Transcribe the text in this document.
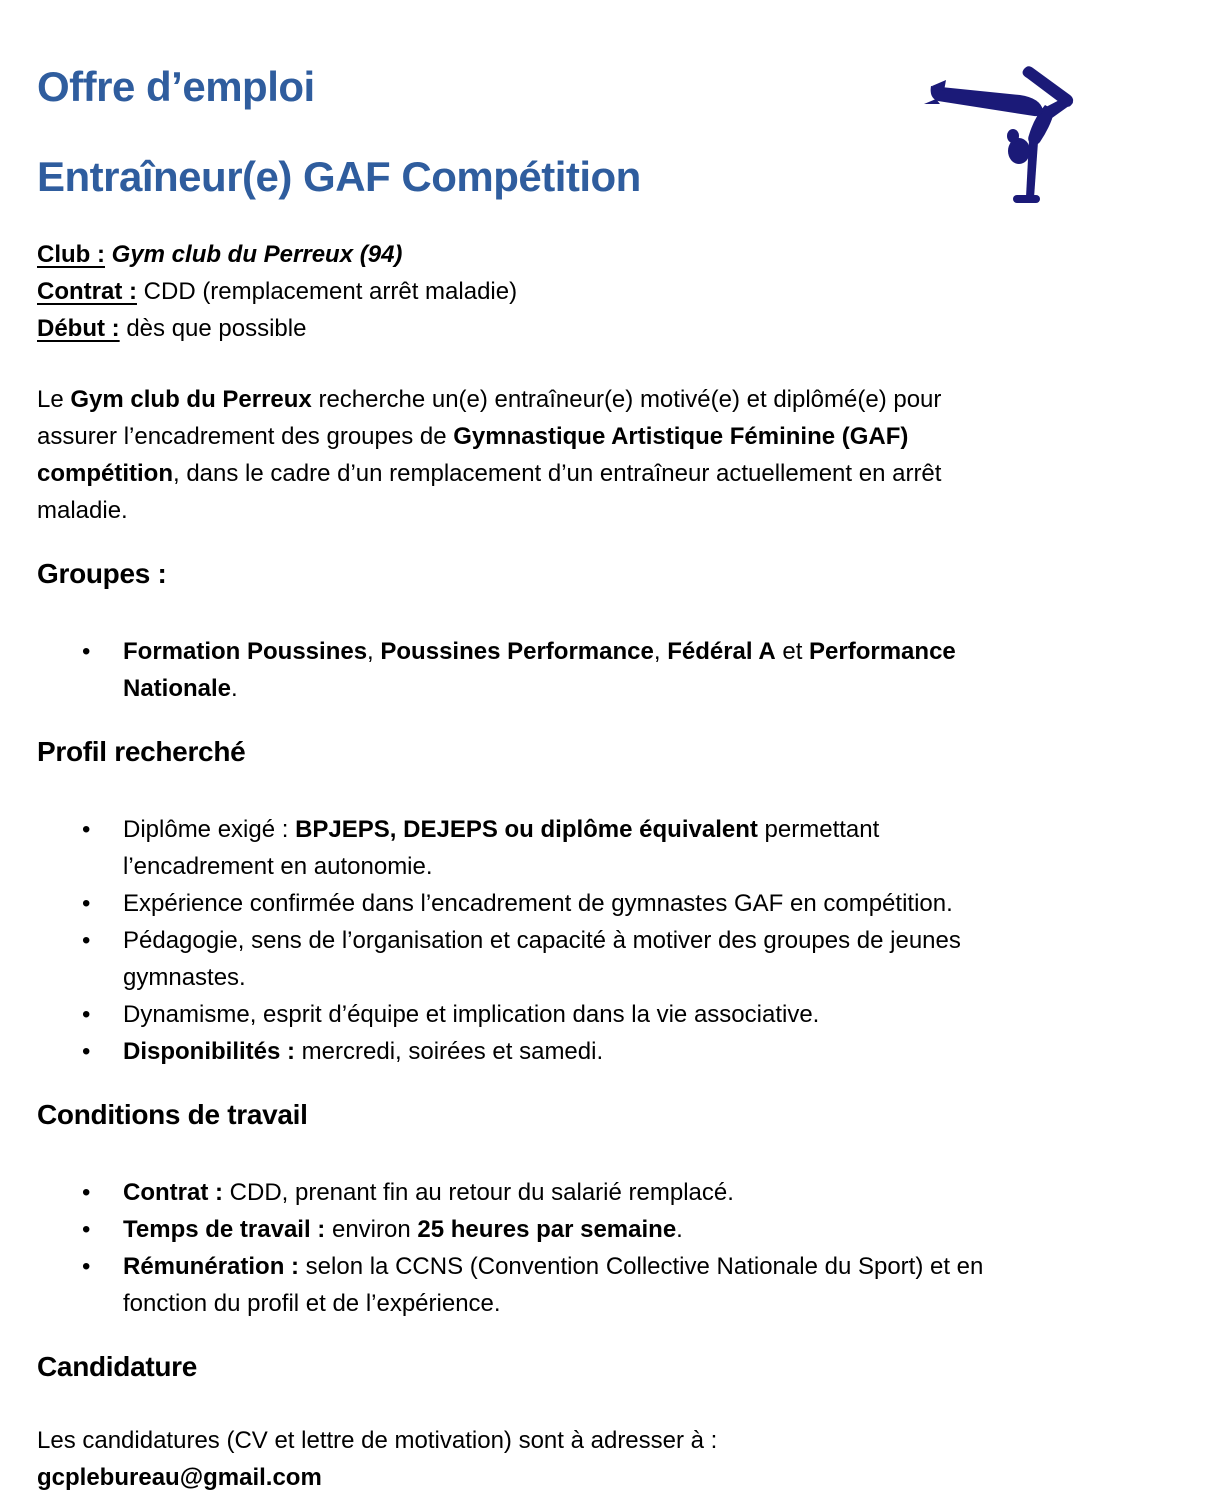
Offre d’emploi
Entraîneur(e) GAF Compétition
Club : Gym club du Perreux (94)
Contrat : CDD (remplacement arrêt maladie)
Début : dès que possible

Le Gym club du Perreux recherche un(e) entraîneur(e) motivé(e) et diplômé(e) pour
assurer l’encadrement des groupes de Gymnastique Artistique Féminine (GAF)
compétition, dans le cadre d’un remplacement d’un entraîneur actuellement en arrêt
maladie.

Groupes :
• Formation Poussines, Poussines Performance, Fédéral A et Performance
Nationale.
Profil recherché
• Diplôme exigé : BPJEPS, DEJEPS ou diplôme équivalent permettant
l’encadrement en autonomie.
• Expérience confirmée dans l’encadrement de gymnastes GAF en compétition.
• Pédagogie, sens de l’organisation et capacité à motiver des groupes de jeunes
gymnastes.
• Dynamisme, esprit d’équipe et implication dans la vie associative.
• Disponibilités : mercredi, soirées et samedi.
Conditions de travail
• Contrat : CDD, prenant fin au retour du salarié remplacé.
• Temps de travail : environ 25 heures par semaine.
• Rémunération : selon la CCNS (Convention Collective Nationale du Sport) et en
fonction du profil et de l’expérience.
Candidature

Les candidatures (CV et lettre de motivation) sont à adresser à :
gcplebureau@gmail.com
